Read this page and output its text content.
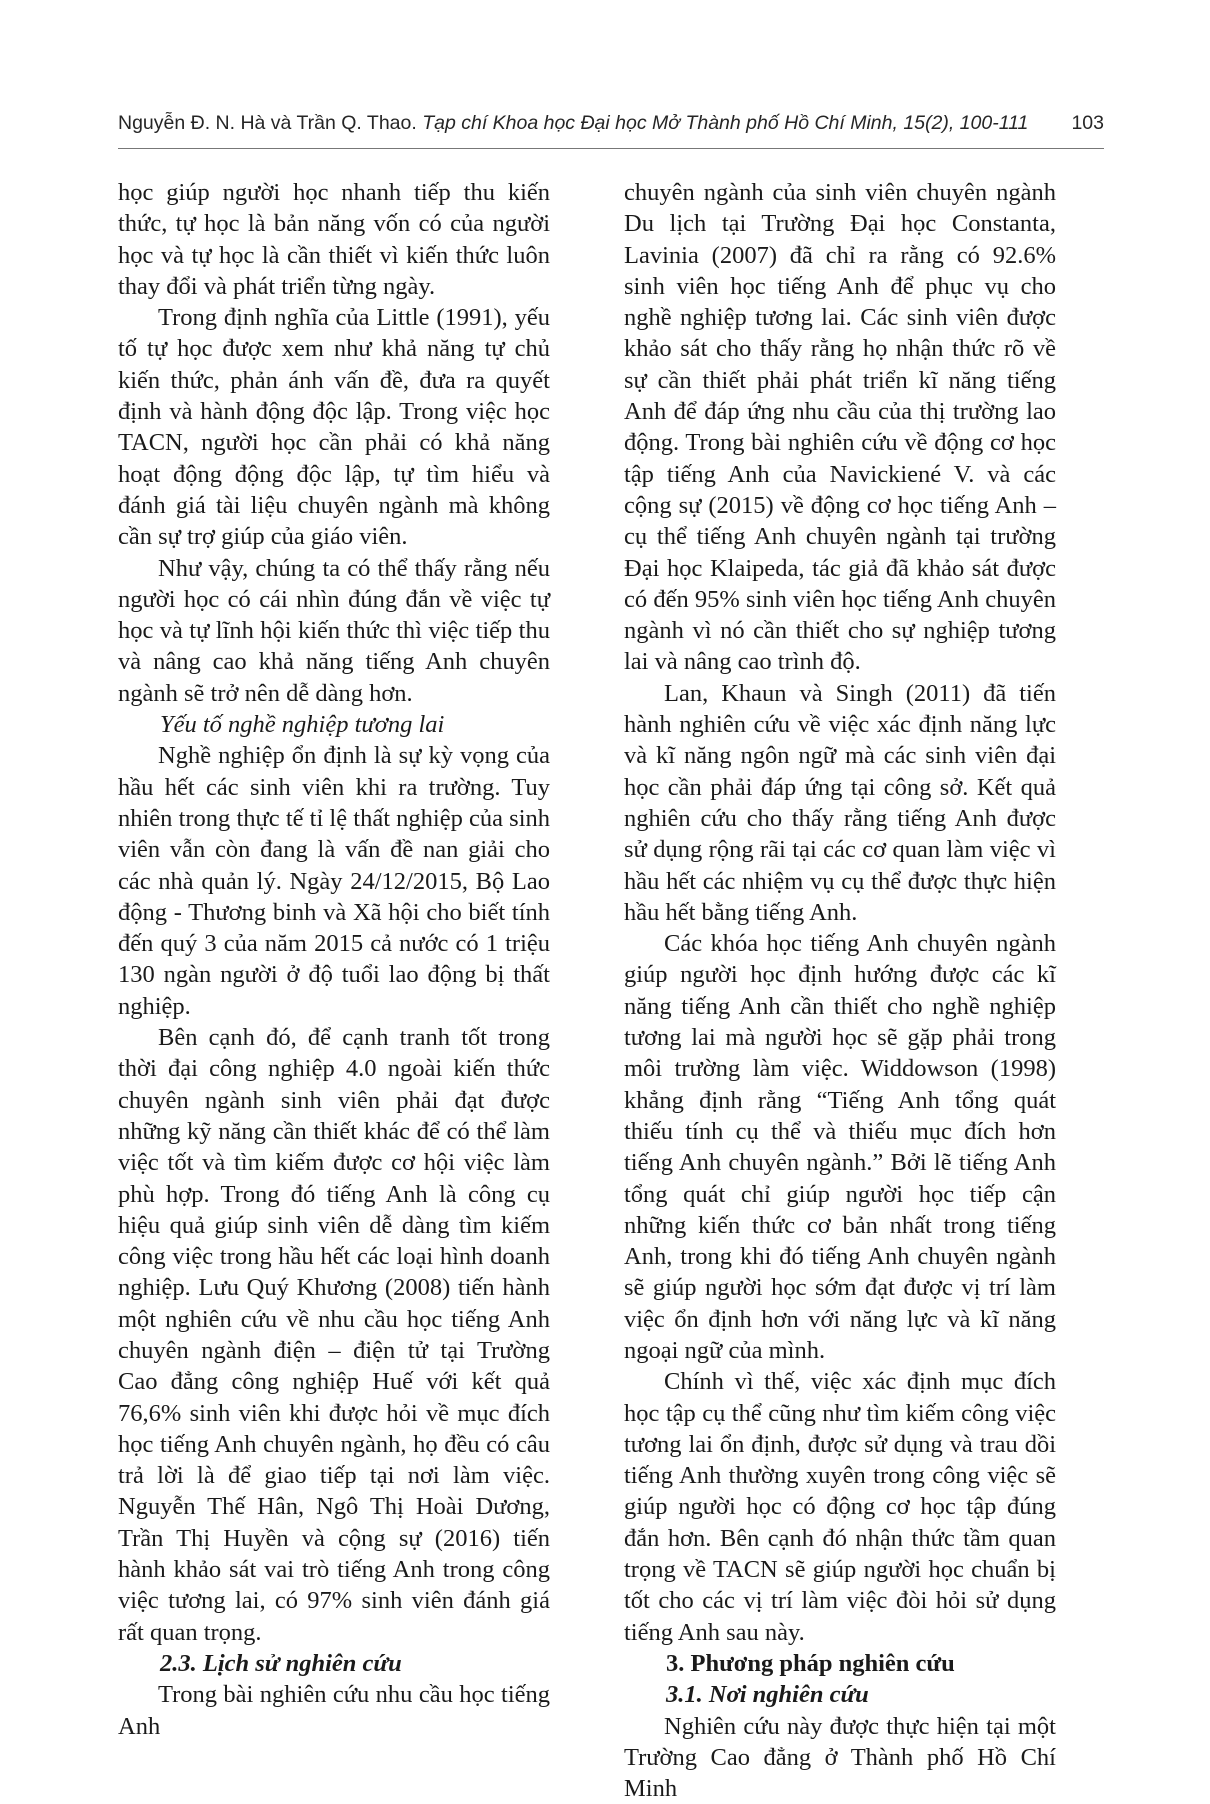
Nguyễn Đ. N. Hà và Trần Q. Thao. Tạp chí Khoa học Đại học Mở Thành phố Hồ Chí Minh, 15(2), 100-111 103

học giúp người học nhanh tiếp thu kiến thức, tự học là bản năng vốn có của người học và tự học là cần thiết vì kiến thức luôn thay đổi và phát triển từng ngày.

Trong định nghĩa của Little (1991), yếu tố tự học được xem như khả năng tự chủ kiến thức, phản ánh vấn đề, đưa ra quyết định và hành động độc lập. Trong việc học TACN, người học cần phải có khả năng hoạt động động độc lập, tự tìm hiểu và đánh giá tài liệu chuyên ngành mà không cần sự trợ giúp của giáo viên.

Như vậy, chúng ta có thể thấy rằng nếu người học có cái nhìn đúng đắn về việc tự học và tự lĩnh hội kiến thức thì việc tiếp thu và nâng cao khả năng tiếng Anh chuyên ngành sẽ trở nên dễ dàng hơn.

Yếu tố nghề nghiệp tương lai

Nghề nghiệp ổn định là sự kỳ vọng của hầu hết các sinh viên khi ra trường. Tuy nhiên trong thực tế tỉ lệ thất nghiệp của sinh viên vẫn còn đang là vấn đề nan giải cho các nhà quản lý. Ngày 24/12/2015, Bộ Lao động - Thương binh và Xã hội cho biết tính đến quý 3 của năm 2015 cả nước có 1 triệu 130 ngàn người ở độ tuổi lao động bị thất nghiệp.

Bên cạnh đó, để cạnh tranh tốt trong thời đại công nghiệp 4.0 ngoài kiến thức chuyên ngành sinh viên phải đạt được những kỹ năng cần thiết khác để có thể làm việc tốt và tìm kiếm được cơ hội việc làm phù hợp. Trong đó tiếng Anh là công cụ hiệu quả giúp sinh viên dễ dàng tìm kiếm công việc trong hầu hết các loại hình doanh nghiệp. Lưu Quý Khương (2008) tiến hành một nghiên cứu về nhu cầu học tiếng Anh chuyên ngành điện – điện tử tại Trường Cao đẳng công nghiệp Huế với kết quả 76,6% sinh viên khi được hỏi về mục đích học tiếng Anh chuyên ngành, họ đều có câu trả lời là để giao tiếp tại nơi làm việc. Nguyễn Thế Hân, Ngô Thị Hoài Dương, Trần Thị Huyền và cộng sự (2016) tiến hành khảo sát vai trò tiếng Anh trong công việc tương lai, có 97% sinh viên đánh giá rất quan trọng.

2.3. Lịch sử nghiên cứu

Trong bài nghiên cứu nhu cầu học tiếng Anh

chuyên ngành của sinh viên chuyên ngành Du lịch tại Trường Đại học Constanta, Lavinia (2007) đã chỉ ra rằng có 92.6% sinh viên học tiếng Anh để phục vụ cho nghề nghiệp tương lai. Các sinh viên được khảo sát cho thấy rằng họ nhận thức rõ về sự cần thiết phải phát triển kĩ năng tiếng Anh để đáp ứng nhu cầu của thị trường lao động. Trong bài nghiên cứu về động cơ học tập tiếng Anh của Navickiené V. và các cộng sự (2015) về động cơ học tiếng Anh – cụ thể tiếng Anh chuyên ngành tại trường Đại học Klaipeda, tác giả đã khảo sát được có đến 95% sinh viên học tiếng Anh chuyên ngành vì nó cần thiết cho sự nghiệp tương lai và nâng cao trình độ.

Lan, Khaun và Singh (2011) đã tiến hành nghiên cứu về việc xác định năng lực và kĩ năng ngôn ngữ mà các sinh viên đại học cần phải đáp ứng tại công sở. Kết quả nghiên cứu cho thấy rằng tiếng Anh được sử dụng rộng rãi tại các cơ quan làm việc vì hầu hết các nhiệm vụ cụ thể được thực hiện hầu hết bằng tiếng Anh.

Các khóa học tiếng Anh chuyên ngành giúp người học định hướng được các kĩ năng tiếng Anh cần thiết cho nghề nghiệp tương lai mà người học sẽ gặp phải trong môi trường làm việc. Widdowson (1998) khẳng định rằng “Tiếng Anh tổng quát thiếu tính cụ thể và thiếu mục đích hơn tiếng Anh chuyên ngành.” Bởi lẽ tiếng Anh tổng quát chỉ giúp người học tiếp cận những kiến thức cơ bản nhất trong tiếng Anh, trong khi đó tiếng Anh chuyên ngành sẽ giúp người học sớm đạt được vị trí làm việc ổn định hơn với năng lực và kĩ năng ngoại ngữ của mình.

Chính vì thế, việc xác định mục đích học tập cụ thể cũng như tìm kiếm công việc tương lai ổn định, được sử dụng và trau dồi tiếng Anh thường xuyên trong công việc sẽ giúp người học có động cơ học tập đúng đắn hơn. Bên cạnh đó nhận thức tầm quan trọng về TACN sẽ giúp người học chuẩn bị tốt cho các vị trí làm việc đòi hỏi sử dụng tiếng Anh sau này.

3. Phương pháp nghiên cứu

3.1. Nơi nghiên cứu

Nghiên cứu này được thực hiện tại một Trường Cao đẳng ở Thành phố Hồ Chí Minh
